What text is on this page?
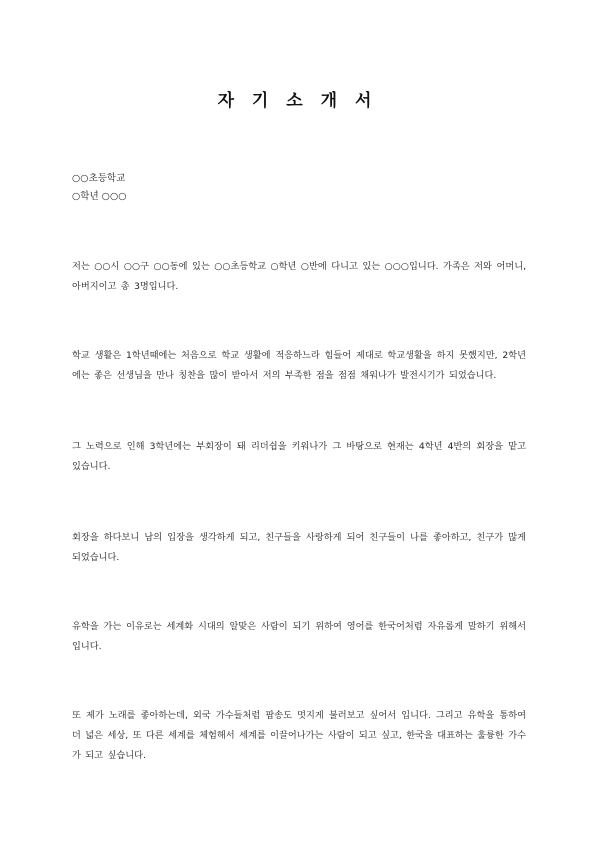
자 기 소 개 서
○○초등학교
○학년 ○○○

저는 ○○시 ○○구 ○○동에 있는 ○○초등학교 ○학년 ○반에 다니고 있는 ○○○입니다. 가족은 저와 어머니, 아버지이고 총 3명입니다.

학교 생활은 1학년때에는 처음으로 학교 생활에 적응하느라 힘들어 제대로 학교생활을 하지 못했지만, 2학년에는 좋은 선생님을 만나 칭찬을 많이 받아서 저의 부족한 점을 점점 채워나가 발전시기가 되었습니다.

그 노력으로 인해 3학년에는 부회장이 돼 리더쉽을 키워나가 그 바탕으로 현재는 4학년 4반의 회장을 맡고 있습니다.

회장을 하다보니 남의 입장을 생각하게 되고, 친구들을 사랑하게 되어 친구들이 나를 좋아하고, 친구가 많게 되었습니다.

유학을 가는 이유로는 세계화 시대의 알맞은 사람이 되기 위하여 영어를 한국어처럼 자유롭게 말하기 위해서 입니다.

또 제가 노래를 좋아하는데, 외국 가수들처럼 팝송도 멋지게 불러보고 싶어서 입니다. 그리고 유학을 통하여 더 넓은 세상, 또 다른 세계를 체험해서 세계를 이끌어나가는 사람이 되고 싶고, 한국을 대표하는 훌륭한 가수가 되고 싶습니다.
